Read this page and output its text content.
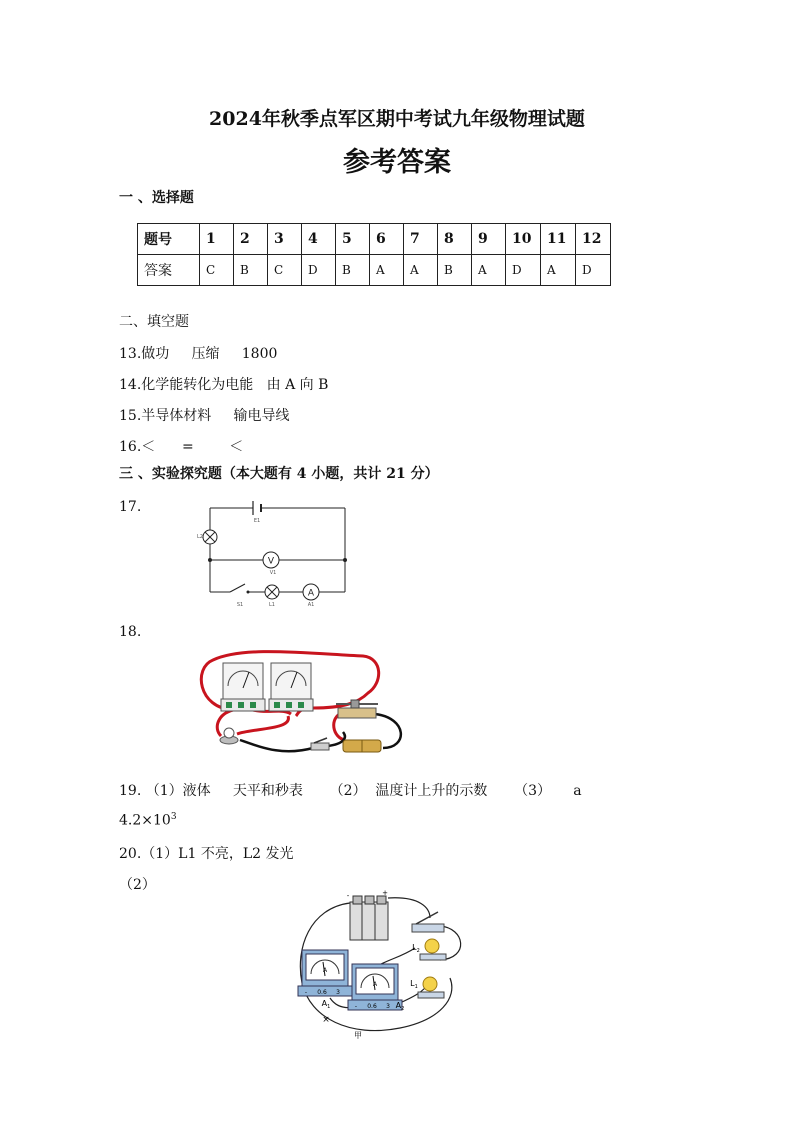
2024年秋季点军区期中考试九年级物理试题
参考答案
一 、选择题
题号	1	2	3	4	5	6	7	8	9	10	11	12
答案	C	B	C	D	B	A	A	B	A	D	A	D
二、填空题
13.做功     压缩     1800
14.化学能转化为电能   由 A 向 B
15.半导体材料     输电导线
16.＜      =        ＜
三 、实验探究题（本大题有 4 小题，共计 21 分）
17.
V
A
E1
L2
V1
S1	L1	A1
18.
19. （1）液体     天平和秒表      （2）  温度计上升的示数      （3）     a
$4.2\times 10^3$
20.（1）L1 不亮，L2 发光
（2）	+
-
$L_2$
$L_1$
A
- 0.6 3
$A_1$
A
- 0.6 3 $A_2$
×
甲
